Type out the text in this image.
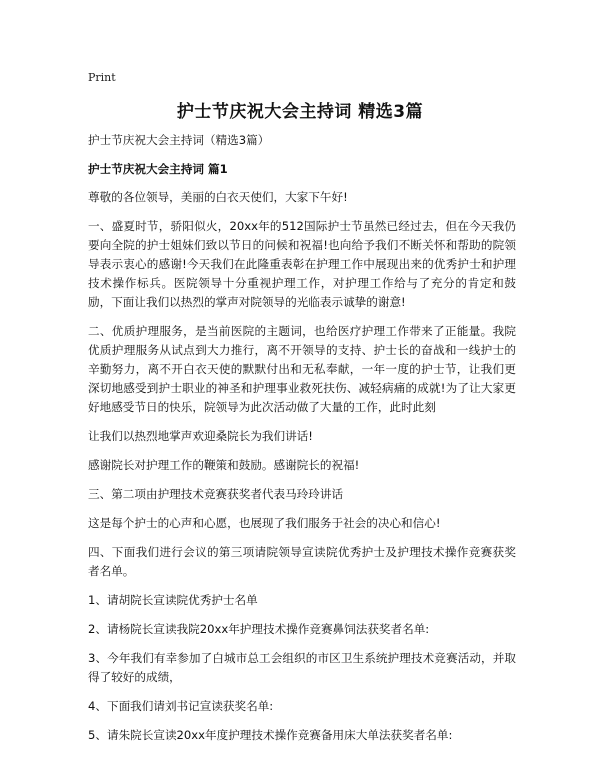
Print
护士节庆祝大会主持词 精选3篇

护士节庆祝大会主持词（精选3篇）

护士节庆祝大会主持词 篇1

尊敬的各位领导，美丽的白衣天使们，大家下午好!

一、盛夏时节，骄阳似火，20xx年的512国际护士节虽然已经过去，但在今天我仍要向全院的护士姐妹们致以节日的问候和祝福!也向给予我们不断关怀和帮助的院领导表示衷心的感谢!今天我们在此隆重表彰在护理工作中展现出来的优秀护士和护理技术操作标兵。医院领导十分重视护理工作，对护理工作给与了充分的肯定和鼓励，下面让我们以热烈的掌声对院领导的光临表示诚挚的谢意!

二、优质护理服务，是当前医院的主题词，也给医疗护理工作带来了正能量。我院优质护理服务从试点到大力推行，离不开领导的支持、护士长的奋战和一线护士的辛勤努力，离不开白衣天使的默默付出和无私奉献，一年一度的护士节，让我们更深切地感受到护士职业的神圣和护理事业救死扶伤、减轻病痛的成就!为了让大家更好地感受节日的快乐，院领导为此次活动做了大量的工作，此时此刻

让我们以热烈地掌声欢迎桑院长为我们讲话!

感谢院长对护理工作的鞭策和鼓励。感谢院长的祝福!

三、第二项由护理技术竞赛获奖者代表马玲玲讲话

这是每个护士的心声和心愿，也展现了我们服务于社会的决心和信心!

四、下面我们进行会议的第三项请院领导宣读院优秀护士及护理技术操作竞赛获奖者名单。

1、请胡院长宣读院优秀护士名单

2、请杨院长宣读我院20xx年护理技术操作竞赛鼻饲法获奖者名单:

3、今年我们有幸参加了白城市总工会组织的市区卫生系统护理技术竞赛活动，并取得了较好的成绩，

4、下面我们请刘书记宣读获奖名单:

5、请朱院长宣读20xx年度护理技术操作竞赛备用床大单法获奖者名单:
